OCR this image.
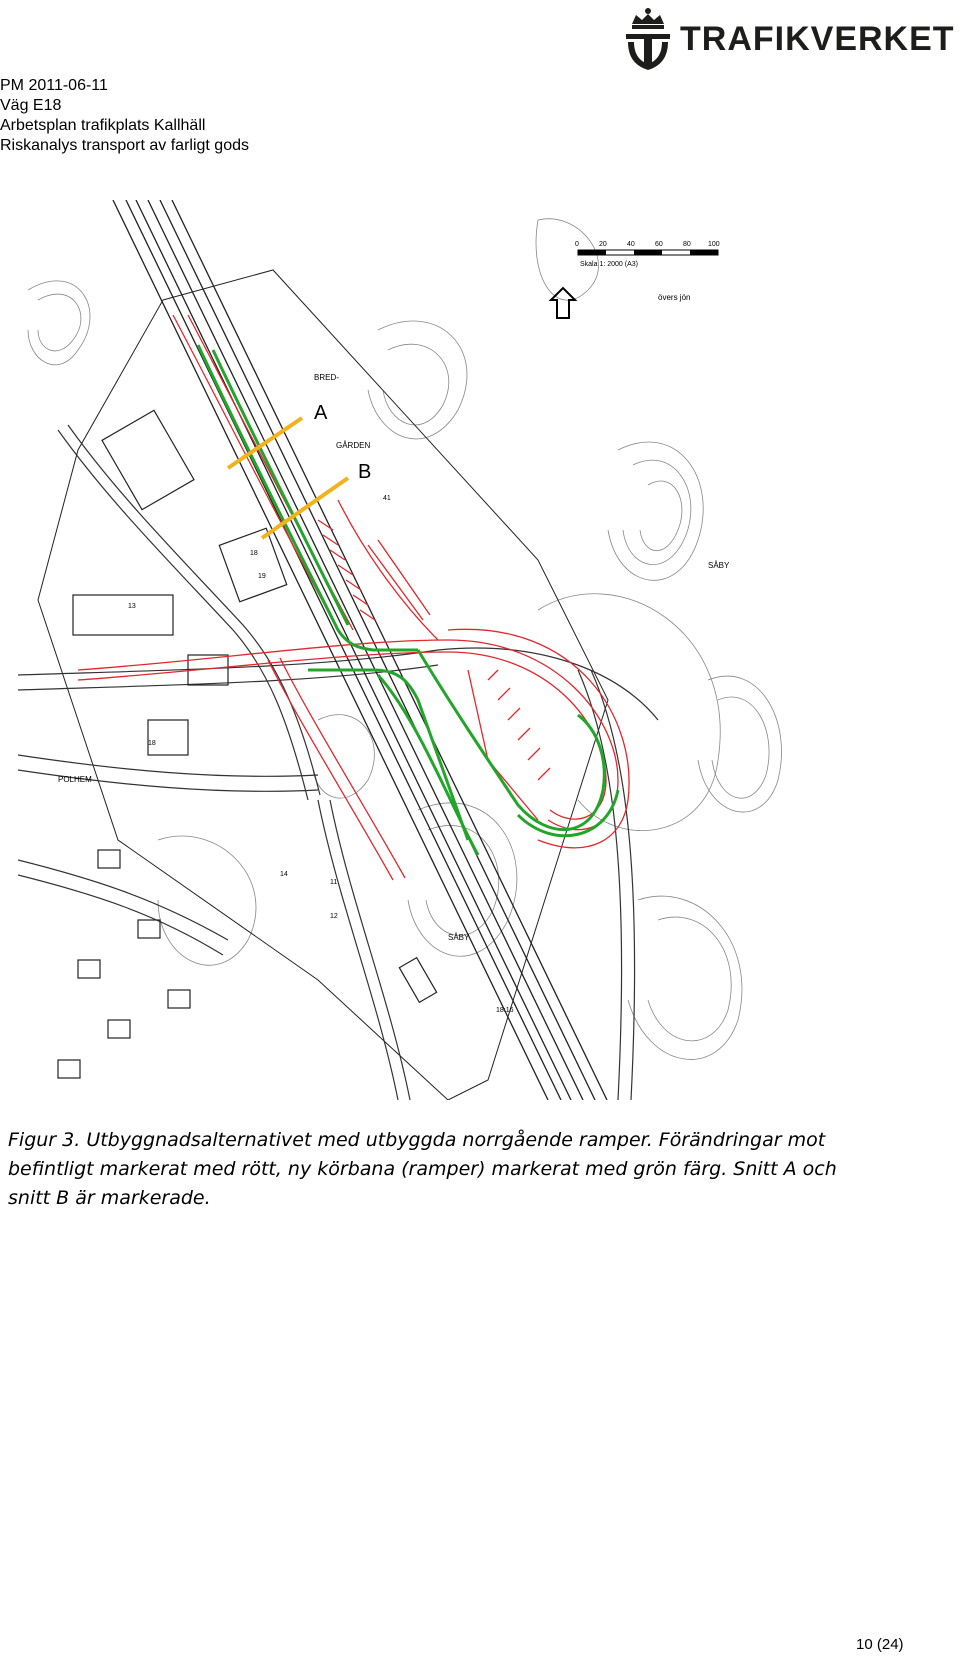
PM 2011-06-11
Väg E18
Arbetsplan trafikplats Kallhäll
Riskanalys transport av farligt gods
TRAFIKVERKET
A
B
0	20	40	60	80 100
Skala 1: 2000 (A3)
övers jön
BRED-
GÅRDEN
SÅBY
SÅBY
POLHEM
41
18
19
13
18
14
11
12
18:16
Figur 3. Utbyggnadsalternativet med utbyggda norrgående ramper. Förändringar mot befintligt markerat med rött, ny körbana (ramper) markerat med grön färg. Snitt A och snitt B är markerade.
10 (24)
